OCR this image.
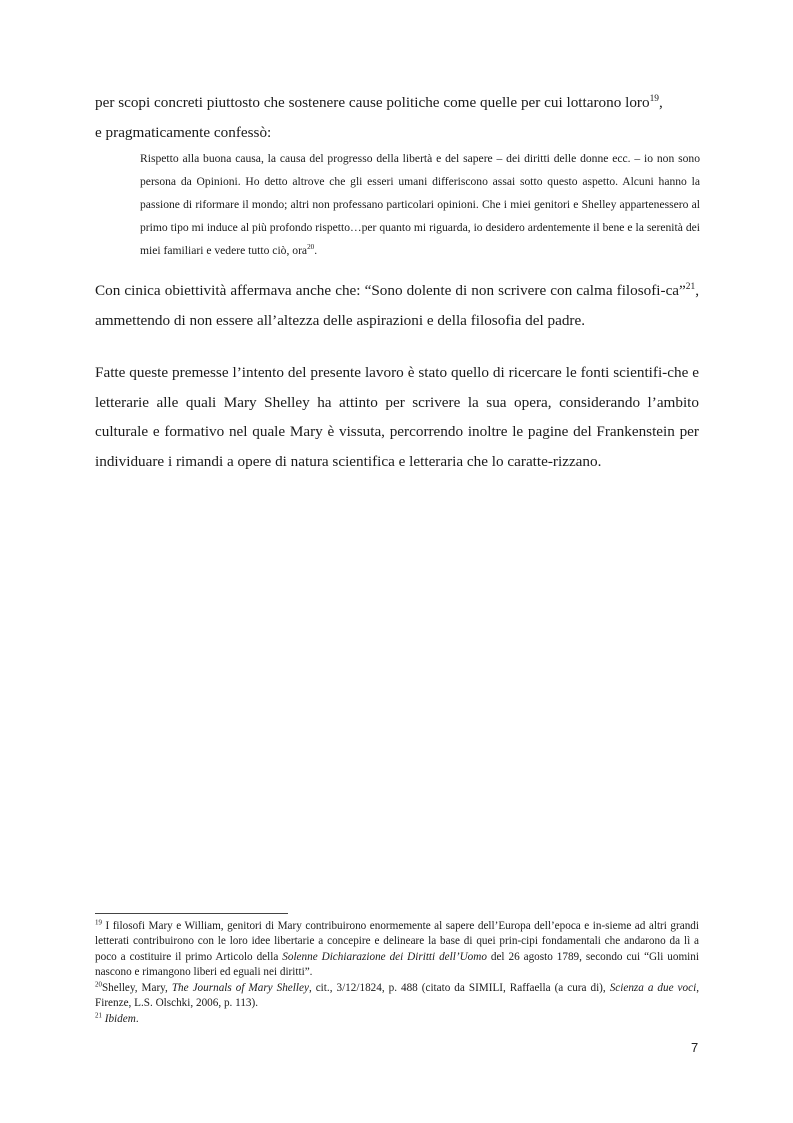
per scopi concreti piuttosto che sostenere cause politiche come quelle per cui lottarono loro$^{19}$,
e pragmaticamente confessò:

Rispetto alla buona causa, la causa del progresso della libertà e del sapere – dei diritti delle donne ecc. – io non sono persona da Opinioni. Ho detto altrove che gli esseri umani differiscono assai sotto questo aspetto. Alcuni hanno la passione di riformare il mondo; altri non professano particolari opinioni. Che i miei genitori e Shelley appartenessero al primo tipo mi induce al più profondo rispetto…per quanto mi riguarda, io desidero ardentemente il bene e la serenità dei miei familiari e vedere tutto ciò, ora$^{20}$.

Con cinica obiettività affermava anche che: “Sono dolente di non scrivere con calma filosofi-ca”$^{21}$, ammettendo di non essere all’altezza delle aspirazioni e della filosofia del padre.

Fatte queste premesse l’intento del presente lavoro è stato quello di ricercare le fonti scientifi-che e letterarie alle quali Mary Shelley ha attinto per scrivere la sua opera, considerando l’ambito culturale e formativo nel quale Mary è vissuta, percorrendo inoltre le pagine del Frankenstein per individuare i rimandi a opere di natura scientifica e letteraria che lo caratte-rizzano.

$^{19}$ I filosofi Mary e William, genitori di Mary contribuirono enormemente al sapere dell’Europa dell’epoca e in-sieme ad altri grandi letterati contribuirono con le loro idee libertarie a concepire e delineare la base di quei prin-cipi fondamentali che andarono da lì a poco a costituire il primo Articolo della Solenne Dichiarazione dei Diritti dell’Uomo del 26 agosto 1789, secondo cui “Gli uomini nascono e rimangono liberi ed eguali nei diritti”.

$^{20}$Shelley, Mary, The Journals of Mary Shelley, cit., 3/12/1824, p. 488 (citato da SIMILI, Raffaella (a cura di), Scienza a due voci, Firenze, L.S. Olschki, 2006, p. 113).

$^{21}$ Ibidem.

7
